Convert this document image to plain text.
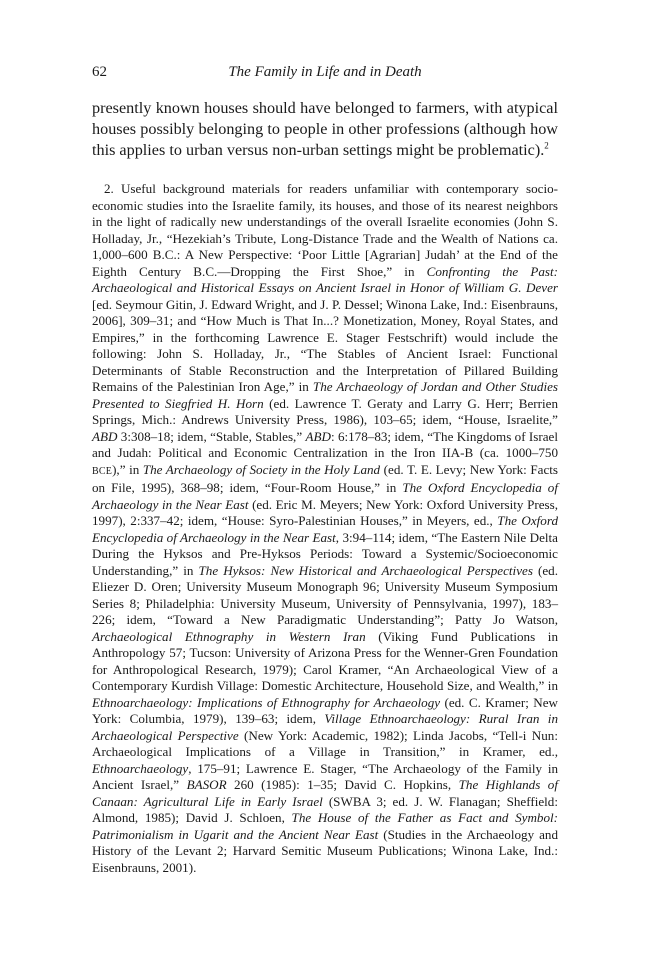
62	The Family in Life and in Death

presently known houses should have belonged to farmers, with atypical houses possibly belonging to people in other professions (although how this applies to urban versus non-urban settings might be problematic).$^2$

2. Useful background materials for readers unfamiliar with contemporary socio-economic studies into the Israelite family, its houses, and those of its nearest neighbors in the light of radically new understandings of the overall Israelite economies (John S. Holladay, Jr., “Hezekiah’s Tribute, Long-Distance Trade and the Wealth of Nations ca. 1,000–600 B.C.: A New Perspective: ‘Poor Little [Agrarian] Judah’ at the End of the Eighth Century B.C.—Dropping the First Shoe,” in Confronting the Past: Archaeological and Historical Essays on Ancient Israel in Honor of William G. Dever [ed. Seymour Gitin, J. Edward Wright, and J. P. Dessel; Winona Lake, Ind.: Eisenbrauns, 2006], 309–31; and “How Much is That In...? Monetization, Money, Royal States, and Empires,” in the forthcoming Lawrence E. Stager Festschrift) would include the following: John S. Holladay, Jr., “The Stables of Ancient Israel: Functional Determinants of Stable Reconstruction and the Interpretation of Pillared Building Remains of the Palestinian Iron Age,” in The Archaeology of Jordan and Other Studies Presented to Siegfried H. Horn (ed. Lawrence T. Geraty and Larry G. Herr; Berrien Springs, Mich.: Andrews University Press, 1986), 103–65; idem, “House, Israelite,” ABD 3:308–18; idem, “Stable, Stables,” ABD: 6:178–83; idem, “The Kingdoms of Israel and Judah: Political and Economic Centralization in the Iron IIA-B (ca. 1000–750 BCE),” in The Archaeology of Society in the Holy Land (ed. T. E. Levy; New York: Facts on File, 1995), 368–98; idem, “Four-Room House,” in The Oxford Encyclopedia of Archaeology in the Near East (ed. Eric M. Meyers; New York: Oxford University Press, 1997), 2:337–42; idem, “House: Syro-Palestinian Houses,” in Meyers, ed., The Oxford Encyclopedia of Archaeology in the Near East, 3:94–114; idem, “The Eastern Nile Delta During the Hyksos and Pre-Hyksos Periods: Toward a Systemic/Socioeconomic Understanding,” in The Hyksos: New Historical and Archaeological Perspectives (ed. Eliezer D. Oren; University Museum Monograph 96; University Museum Symposium Series 8; Philadelphia: University Museum, University of Pennsylvania, 1997), 183–226; idem, “Toward a New Paradigmatic Understanding”; Patty Jo Watson, Archaeological Ethnography in Western Iran (Viking Fund Publications in Anthropology 57; Tucson: University of Arizona Press for the Wenner-Gren Foundation for Anthropological Research, 1979); Carol Kramer, “An Archaeological View of a Contemporary Kurdish Village: Domestic Architecture, Household Size, and Wealth,” in Ethnoarchaeology: Implications of Ethnography for Archaeology (ed. C. Kramer; New York: Columbia, 1979), 139–63; idem, Village Ethnoarchaeology: Rural Iran in Archaeological Perspective (New York: Academic, 1982); Linda Jacobs, “Tell-i Nun: Archaeological Implications of a Village in Transition,” in Kramer, ed., Ethnoarchaeology, 175–91; Lawrence E. Stager, “The Archaeology of the Family in Ancient Israel,” BASOR 260 (1985): 1–35; David C. Hopkins, The Highlands of Canaan: Agricultural Life in Early Israel (SWBA 3; ed. J. W. Flanagan; Sheffield: Almond, 1985); David J. Schloen, The House of the Father as Fact and Symbol: Patrimonialism in Ugarit and the Ancient Near East (Studies in the Archaeology and History of the Levant 2; Harvard Semitic Museum Publications; Winona Lake, Ind.: Eisenbrauns, 2001).
